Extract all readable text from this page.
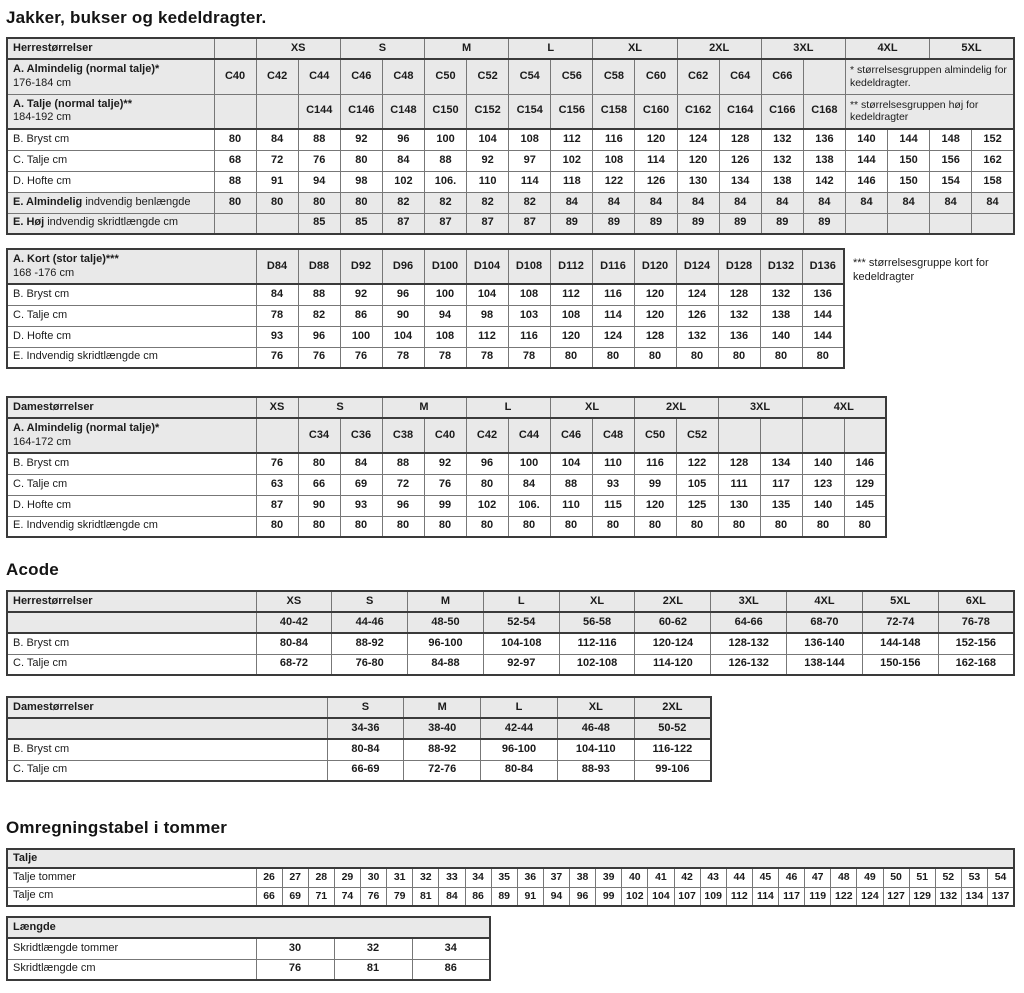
Jakker, bukser og kedeldragter.
Herrestørrelser		XS		S		M		L		XL		2XL		3XL		4XL		5XL	
A. Almindelig (normal talje)*
176-184 cm	C40	C42	C44	C46	C48	C50	C52	C54	C56	C58	C60	C62	C64	C66		* størrelsesgruppen almindelig for kedeldragter.			
A. Talje (normal talje)**
184-192 cm			C144	C146	C148	C150	C152	C154	C156	C158	C160	C162	C164	C166	C168	** størrelsesgruppen høj for kedeldragter			
B. Bryst cm	80	84	88	92	96	100	104	108	112	116	120	124	128	132	136	140	144	148	152
C. Talje cm	68	72	76	80	84	88	92	97	102	108	114	120	126	132	138	144	150	156	162
D. Hofte cm	88	91	94	98	102	106.	110	114	118	122	126	130	134	138	142	146	150	154	158
E. Almindelig indvendig benlængde	80	80	80	80	82	82	82	82	84	84	84	84	84	84	84	84	84	84	84
E. Høj indvendig skridtlængde cm			85	85	87	87	87	87	89	89	89	89	89	89	89				
A. Kort (stor talje)***
168 -176 cm	D84	D88	D92	D96	D100	D104	D108	D112	D116	D120	D124	D128	D132	D136
B. Bryst cm	84	88	92	96	100	104	108	112	116	120	124	128	132	136
C. Talje cm	78	82	86	90	94	98	103	108	114	120	126	132	138	144
D. Hofte cm	93	96	100	104	108	112	116	120	124	128	132	136	140	144
E. Indvendig skridtlængde cm	76	76	76	78	78	78	78	80	80	80	80	80	80	80
*** størrelsesgruppe kort for kedeldragter
Damestørrelser	XS	S		M		L		XL		2XL		3XL		4XL	
A. Almindelig (normal talje)*
164-172 cm		C34	C36	C38	C40	C42	C44	C46	C48	C50	C52				
B. Bryst cm	76	80	84	88	92	96	100	104	110	116	122	128	134	140	146
C. Talje cm	63	66	69	72	76	80	84	88	93	99	105	111	117	123	129
D. Hofte cm	87	90	93	96	99	102	106.	110	115	120	125	130	135	140	145
E. Indvendig skridtlængde cm	80	80	80	80	80	80	80	80	80	80	80	80	80	80	80
Acode
Herrestørrelser	XS	S	M	L	XL	2XL	3XL	4XL	5XL	6XL
	40-42	44-46	48-50	52-54	56-58	60-62	64-66	68-70	72-74	76-78
B. Bryst cm	80-84	88-92	96-100	104-108	112-116	120-124	128-132	136-140	144-148	152-156
C. Talje cm	68-72	76-80	84-88	92-97	102-108	114-120	126-132	138-144	150-156	162-168
Damestørrelser	S	M	L	XL	2XL
	34-36	38-40	42-44	46-48	50-52
B. Bryst cm	80-84	88-92	96-100	104-110	116-122
C. Talje cm	66-69	72-76	80-84	88-93	99-106
Omregningstabel i tommer
Talje																													
Talje tommer	26	27	28	29	30	31	32	33	34	35	36	37	38	39	40	41	42	43	44	45	46	47	48	49	50	51	52	53	54
Talje cm	66	69	71	74	76	79	81	84	86	89	91	94	96	99	102	104	107	109	112	114	117	119	122	124	127	129	132	134	137
Længde			
Skridtlængde tommer	30	32	34
Skridtlængde cm	76	81	86
